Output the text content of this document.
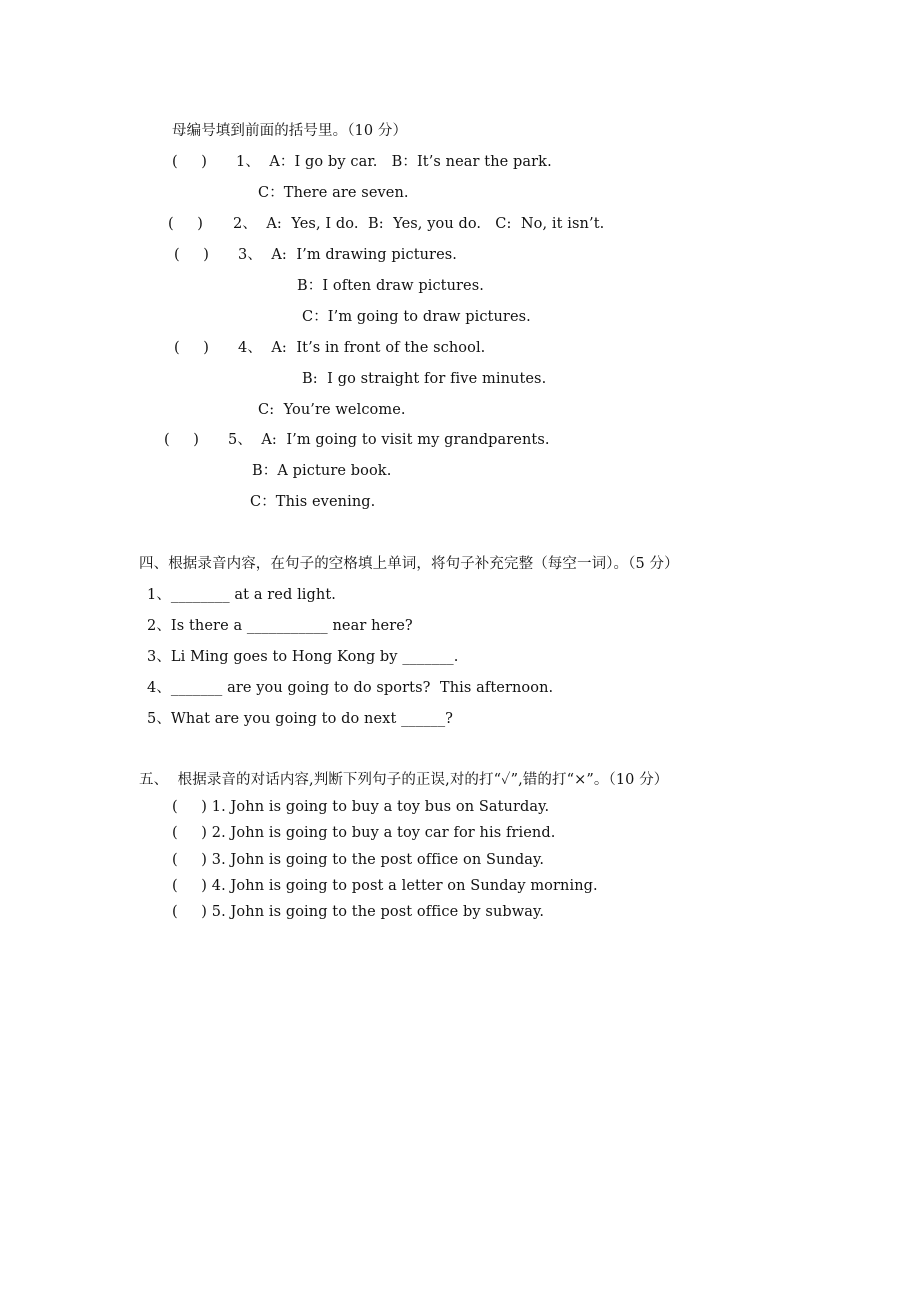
母编号填到前面的括号里。（10 分）
(     ) 1、  A：I go by car.   B：It’s near the park.
C：There are seven.
(     ) 2、  A:  Yes, I do.  B:  Yes, you do.   C:  No, it isn’t.
(     ) 3、  A:  I’m drawing pictures.
B：I often draw pictures.
C：I’m going to draw pictures.
(     ) 4、  A:  It’s in front of the school.
B:  I go straight for five minutes.
C:  You’re welcome.
(     ) 5、  A:  I’m going to visit my grandparents.
B：A picture book.
C：This evening.
四、根据录音内容，在句子的空格填上单词，将句子补充完整（每空一词）。（5 分）
1、________ at a red light.
2、Is there a ___________ near here?
3、Li Ming goes to Hong Kong by _______.
4、_______ are you going to do sports?  This afternoon.
5、What are you going to do next ______?
五、  根据录音的对话内容,判断下列句子的正误,对的打“✓”,错的打“×”。（10 分）
(     ) 1. John is going to buy a toy bus on Saturday.
(     ) 2. John is going to buy a toy car for his friend.
(     ) 3. John is going to the post office on Sunday.
(     ) 4. John is going to post a letter on Sunday morning.
(     ) 5. John is going to the post office by subway.
